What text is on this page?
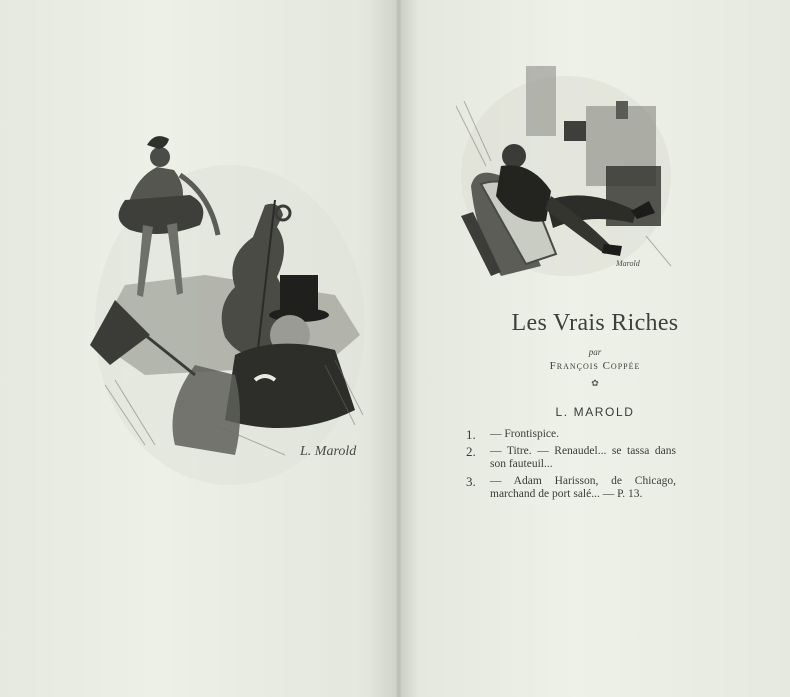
L. Marold
Marold
Les Vrais Riches
par
François Coppée
✿
L. MAROLD
1.	— Frontispice.
2.	— Titre. — Renaudel... se tassa dans son fauteuil...
3.	— Adam Harisson, de Chicago, marchand de port salé... — P. 13.
